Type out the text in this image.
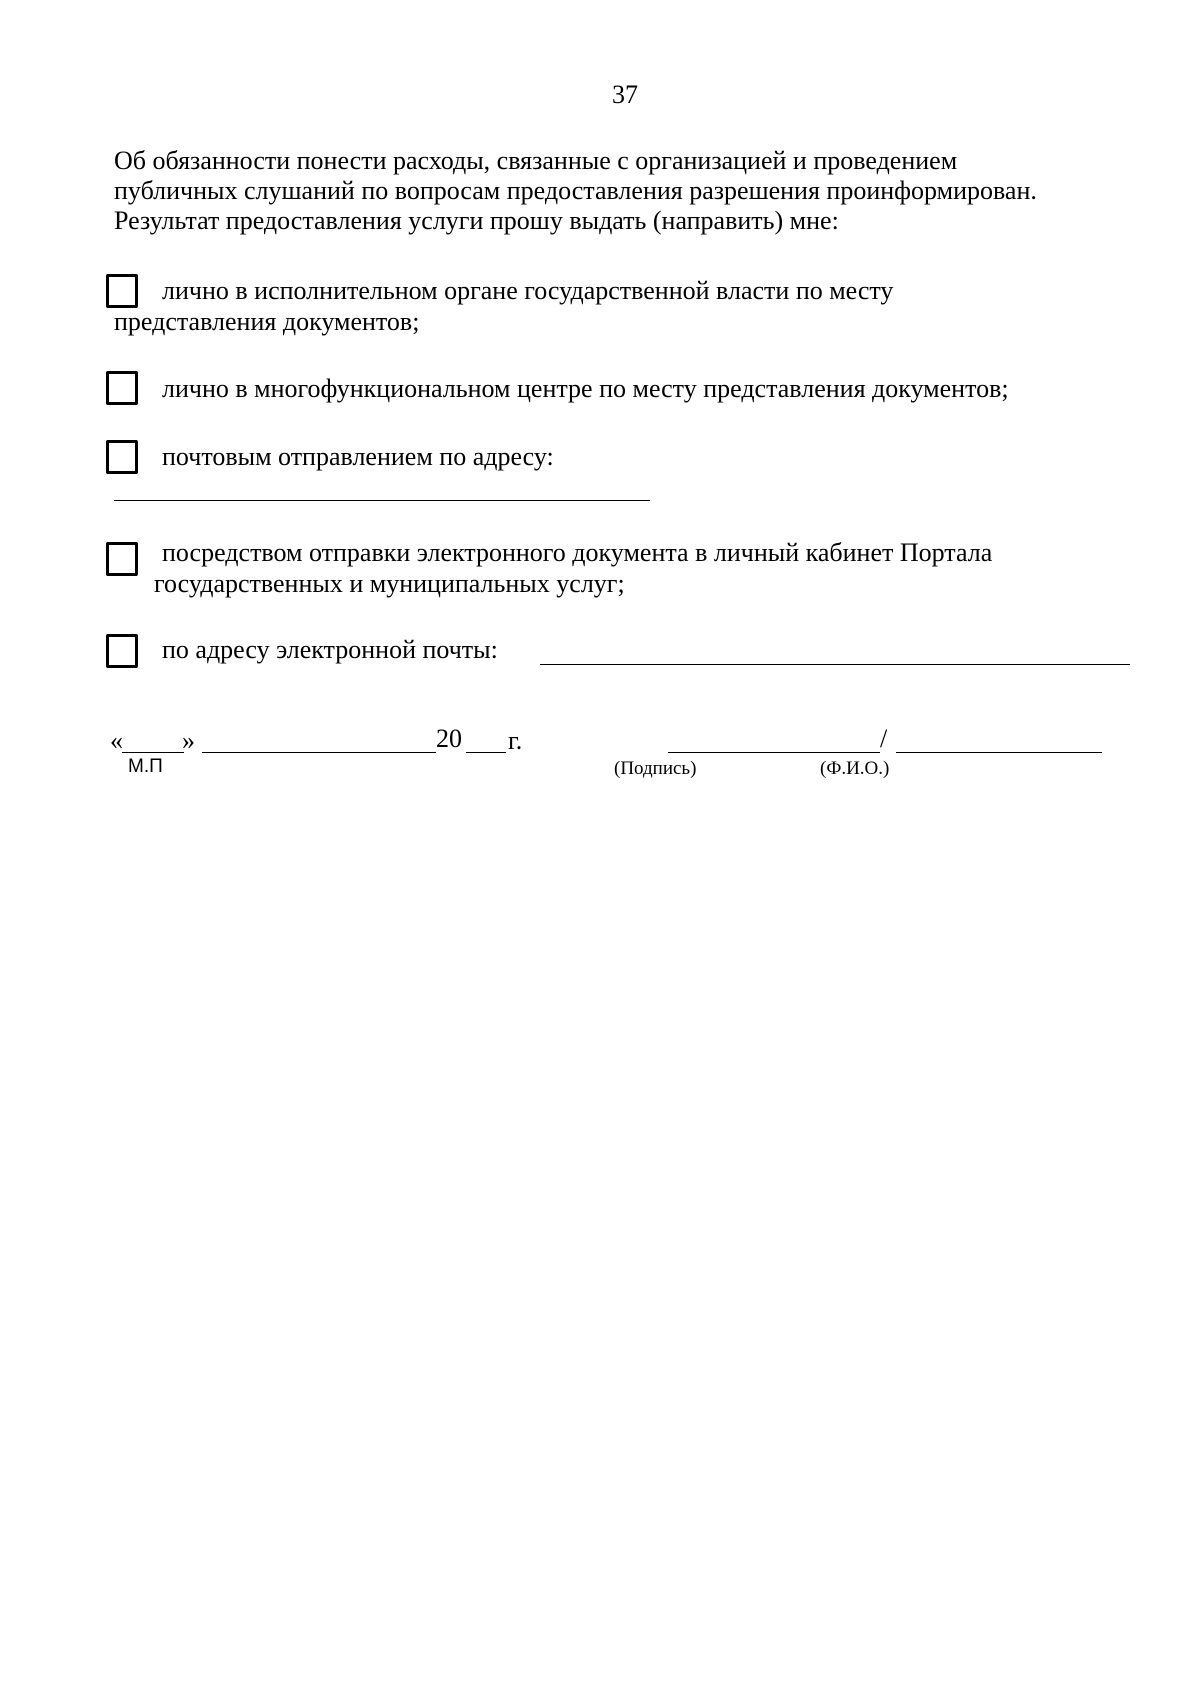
37
Об обязанности понести расходы, связанные с организацией и проведением
публичных слушаний по вопросам предоставления разрешения проинформирован.
Результат предоставления услуги прошу выдать (направить) мне:
лично в исполнительном органе государственной власти по месту
представления документов;
лично в многофункциональном центре по месту представления документов;
почтовым отправлением по адресу:
посредством отправки электронного документа в личный кабинет Портала
государственных и муниципальных услуг;
по адресу электронной почты:
« »	20 г.
М.П
/
(Подпись)	(Ф.И.О.)
